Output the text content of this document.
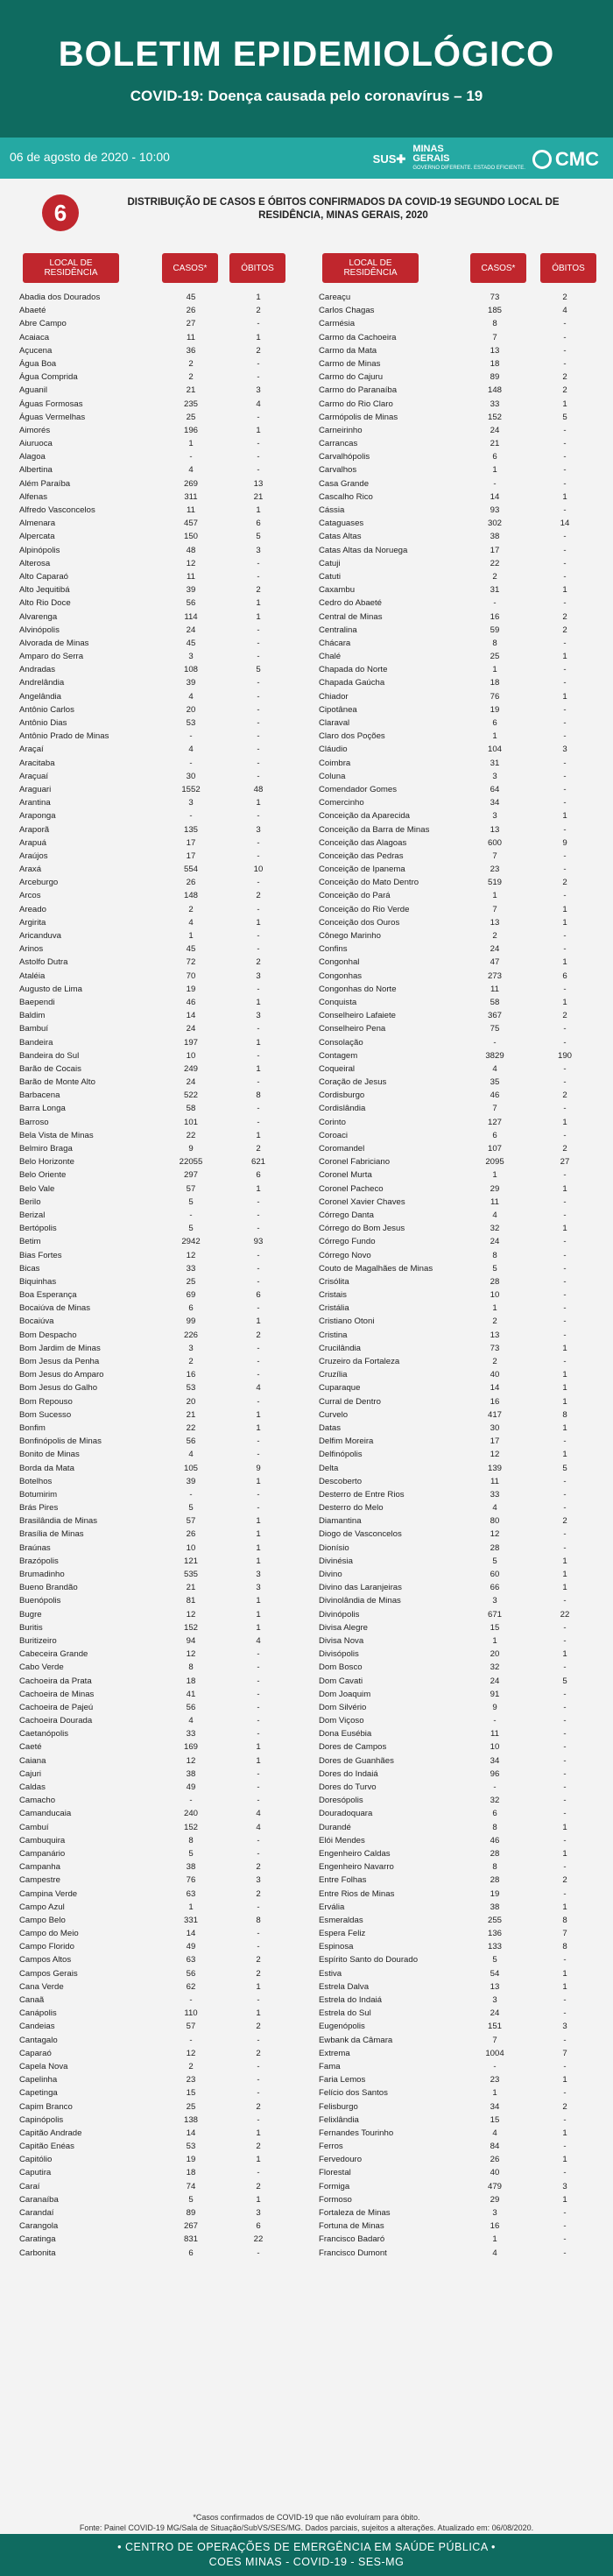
BOLETIM EPIDEMIOLÓGICO
COVID-19: Doença causada pelo coronavírus – 19
06 de agosto de 2020 - 10:00	SUS✚
MINAS
GERAIS
GOVERNO DIFERENTE. ESTADO EFICIENTE. CMC
6	DISTRIBUIÇÃO DE CASOS E ÓBITOS CONFIRMADOS DA COVID-19 SEGUNDO LOCAL DE RESIDÊNCIA, MINAS GERAIS, 2020
LOCAL DE RESIDÊNCIA	CASOS*	ÓBITOS	LOCAL DE RESIDÊNCIA	CASOS*	ÓBITOS
Abadia dos Dourados	45	1
Abaeté	26	2
Abre Campo	27	-
Acaiaca	11	1
Açucena	36	2
Água Boa	2	-
Água Comprida	2	-
Aguanil	21	3
Águas Formosas	235	4
Águas Vermelhas	25	-
Aimorés	196	1
Aiuruoca	1	-
Alagoa	-	-
Albertina	4	-
Além Paraíba	269	13
Alfenas	311	21
Alfredo Vasconcelos	11	1
Almenara	457	6
Alpercata	150	5
Alpinópolis	48	3
Alterosa	12	-
Alto Caparaó	11	-
Alto Jequitibá	39	2
Alto Rio Doce	56	1
Alvarenga	114	1
Alvinópolis	24	-
Alvorada de Minas	45	-
Amparo do Serra	3	-
Andradas	108	5
Andrelândia	39	-
Angelândia	4	-
Antônio Carlos	20	-
Antônio Dias	53	-
Antônio Prado de Minas	-	-
Araçaí	4	-
Aracitaba	-	-
Araçuaí	30	-
Araguari	1552	48
Arantina	3	1
Araponga	-	-
Araporã	135	3
Arapuá	17	-
Araújos	17	-
Araxá	554	10
Arceburgo	26	-
Arcos	148	2
Areado	2	-
Argirita	4	1
Aricanduva	1	-
Arinos	45	-
Astolfo Dutra	72	2
Ataléia	70	3
Augusto de Lima	19	-
Baependi	46	1
Baldim	14	3
Bambuí	24	-
Bandeira	197	1
Bandeira do Sul	10	-
Barão de Cocais	249	1
Barão de Monte Alto	24	-
Barbacena	522	8
Barra Longa	58	-
Barroso	101	-
Bela Vista de Minas	22	1
Belmiro Braga	9	2
Belo Horizonte	22055	621
Belo Oriente	297	6
Belo Vale	57	1
Berilo	5	-
Berizal	-	-
Bertópolis	5	-
Betim	2942	93
Bias Fortes	12	-
Bicas	33	-
Biquinhas	25	-
Boa Esperança	69	6
Bocaiúva de Minas	6	-
Bocaiúva	99	1
Bom Despacho	226	2
Bom Jardim de Minas	3	-
Bom Jesus da Penha	2	-
Bom Jesus do Amparo	16	-
Bom Jesus do Galho	53	4
Bom Repouso	20	-
Bom Sucesso	21	1
Bonfim	22	1
Bonfinópolis de Minas	56	-
Bonito de Minas	4	-
Borda da Mata	105	9
Botelhos	39	1
Botumirim	-	-
Brás Pires	5	-
Brasilândia de Minas	57	1
Brasília de Minas	26	1
Braúnas	10	1
Brazópolis	121	1
Brumadinho	535	3
Bueno Brandão	21	3
Buenópolis	81	1
Bugre	12	1
Buritis	152	1
Buritizeiro	94	4
Cabeceira Grande	12	-
Cabo Verde	8	-
Cachoeira da Prata	18	-
Cachoeira de Minas	41	-
Cachoeira de Pajeú	56	-
Cachoeira Dourada	4	-
Caetanópolis	33	-
Caeté	169	1
Caiana	12	1
Cajuri	38	-
Caldas	49	-
Camacho	-	-
Camanducaia	240	4
Cambuí	152	4
Cambuquira	8	-
Campanário	5	-
Campanha	38	2
Campestre	76	3
Campina Verde	63	2
Campo Azul	1	-
Campo Belo	331	8
Campo do Meio	14	-
Campo Florido	49	-
Campos Altos	63	2
Campos Gerais	56	2
Cana Verde	62	1
Canaã	-	-
Canápolis	110	1
Candeias	57	2
Cantagalo	-	-
Caparaó	12	2
Capela Nova	2	-
Capelinha	23	-
Capetinga	15	-
Capim Branco	25	2
Capinópolis	138	-
Capitão Andrade	14	1
Capitão Enéas	53	2
Capitólio	19	1
Caputira	18	-
Caraí	74	2
Caranaíba	5	1
Carandaí	89	3
Carangola	267	6
Caratinga	831	22
Carbonita	6	-
Careaçu	73	2
Carlos Chagas	185	4
Carmésia	8	-
Carmo da Cachoeira	7	-
Carmo da Mata	13	-
Carmo de Minas	18	-
Carmo do Cajuru	89	2
Carmo do Paranaíba	148	2
Carmo do Rio Claro	33	1
Carmópolis de Minas	152	5
Carneirinho	24	-
Carrancas	21	-
Carvalhópolis	6	-
Carvalhos	1	-
Casa Grande	-	-
Cascalho Rico	14	1
Cássia	93	-
Cataguases	302	14
Catas Altas	38	-
Catas Altas da Noruega	17	-
Catuji	22	-
Catuti	2	-
Caxambu	31	1
Cedro do Abaeté	-	-
Central de Minas	16	2
Centralina	59	2
Chácara	8	-
Chalé	25	1
Chapada do Norte	1	-
Chapada Gaúcha	18	-
Chiador	76	1
Cipotânea	19	-
Claraval	6	-
Claro dos Poções	1	-
Cláudio	104	3
Coimbra	31	-
Coluna	3	-
Comendador Gomes	64	-
Comercinho	34	-
Conceição da Aparecida	3	1
Conceição da Barra de Minas	13	-
Conceição das Alagoas	600	9
Conceição das Pedras	7	-
Conceição de Ipanema	23	-
Conceição do Mato Dentro	519	2
Conceição do Pará	1	-
Conceição do Rio Verde	7	1
Conceição dos Ouros	13	1
Cônego Marinho	2	-
Confins	24	-
Congonhal	47	1
Congonhas	273	6
Congonhas do Norte	11	-
Conquista	58	1
Conselheiro Lafaiete	367	2
Conselheiro Pena	75	-
Consolação	-	-
Contagem	3829	190
Coqueiral	4	-
Coração de Jesus	35	-
Cordisburgo	46	2
Cordislândia	7	-
Corinto	127	1
Coroaci	6	-
Coromandel	107	2
Coronel Fabriciano	2095	27
Coronel Murta	1	-
Coronel Pacheco	29	1
Coronel Xavier Chaves	11	-
Córrego Danta	4	-
Córrego do Bom Jesus	32	1
Córrego Fundo	24	-
Córrego Novo	8	-
Couto de Magalhães de Minas	5	-
Crisólita	28	-
Cristais	10	-
Cristália	1	-
Cristiano Otoni	2	-
Cristina	13	-
Crucilândia	73	1
Cruzeiro da Fortaleza	2	-
Cruzília	40	1
Cuparaque	14	1
Curral de Dentro	16	1
Curvelo	417	8
Datas	30	1
Delfim Moreira	17	-
Delfinópolis	12	1
Delta	139	5
Descoberto	11	-
Desterro de Entre Rios	33	-
Desterro do Melo	4	-
Diamantina	80	2
Diogo de Vasconcelos	12	-
Dionísio	28	-
Divinésia	5	1
Divino	60	1
Divino das Laranjeiras	66	1
Divinolândia de Minas	3	-
Divinópolis	671	22
Divisa Alegre	15	-
Divisa Nova	1	-
Divisópolis	20	1
Dom Bosco	32	-
Dom Cavati	24	5
Dom Joaquim	91	-
Dom Silvério	9	-
Dom Viçoso	-	-
Dona Eusébia	11	-
Dores de Campos	10	-
Dores de Guanhães	34	-
Dores do Indaiá	96	-
Dores do Turvo	-	-
Doresópolis	32	-
Douradoquara	6	-
Durandé	8	1
Elói Mendes	46	-
Engenheiro Caldas	28	1
Engenheiro Navarro	8	-
Entre Folhas	28	2
Entre Rios de Minas	19	-
Ervália	38	1
Esmeraldas	255	8
Espera Feliz	136	7
Espinosa	133	8
Espírito Santo do Dourado	5	-
Estiva	54	1
Estrela Dalva	13	1
Estrela do Indaiá	3	-
Estrela do Sul	24	-
Eugenópolis	151	3
Ewbank da Câmara	7	-
Extrema	1004	7
Fama	-	-
Faria Lemos	23	1
Felício dos Santos	1	-
Felisburgo	34	2
Felixlândia	15	-
Fernandes Tourinho	4	1
Ferros	84	-
Fervedouro	26	1
Florestal	40	-
Formiga	479	3
Formoso	29	1
Fortaleza de Minas	3	-
Fortuna de Minas	16	-
Francisco Badaró	1	-
Francisco Dumont	4	-
*Casos confirmados de COVID-19 que não evoluíram para óbito.
Fonte: Painel COVID-19 MG/Sala de Situação/SubVS/SES/MG. Dados parciais, sujeitos a alterações. Atualizado em: 06/08/2020.
• CENTRO DE OPERAÇÕES DE EMERGÊNCIA EM SAÚDE PÚBLICA •
COES MINAS - COVID-19 - SES-MG
